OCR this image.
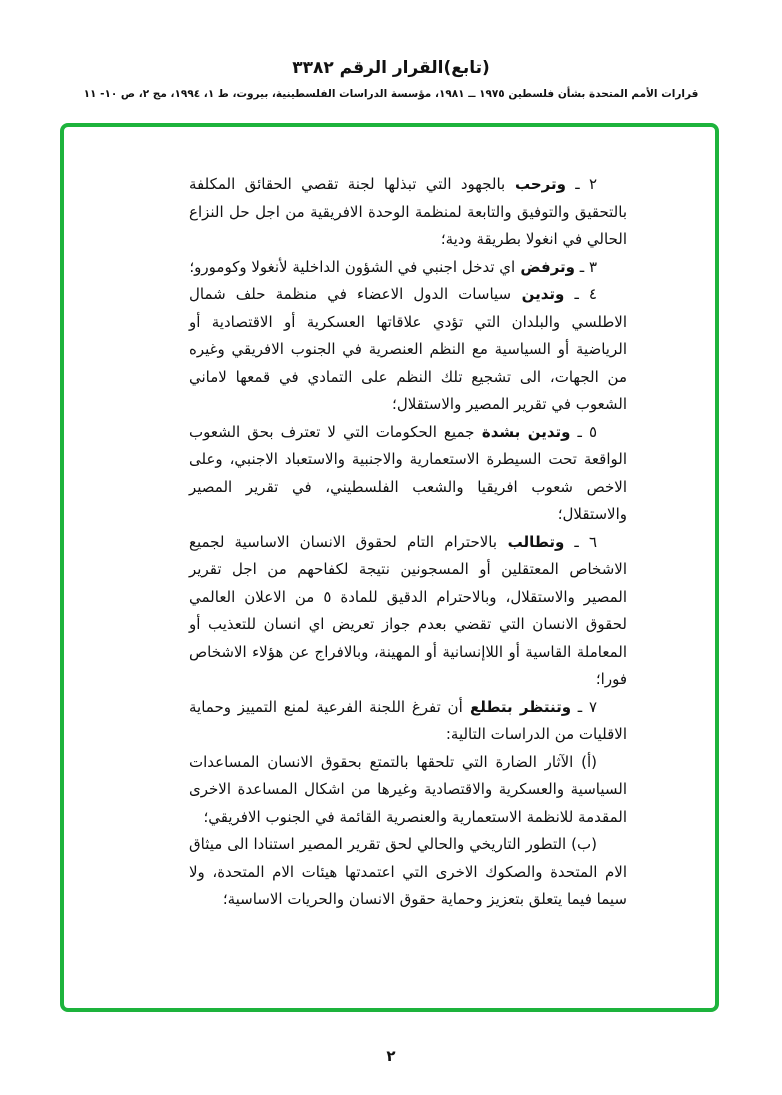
(تابع)القرار الرقم ٣٣٨٢
قرارات الأمم المتحدة بشأن فلسطين ١٩٧٥ ــ ١٩٨١، مؤسسة الدراسات الفلسطينية، بيروت، ط ١، ١٩٩٤، مج ٢، ص ١٠- ١١

٢ ـ وترحب بالجهود التي تبذلها لجنة تقصي الحقائق المكلفة بالتحقيق والتوفيق والتابعة لمنظمة الوحدة الافريقية من اجل حل النزاع الحالي في انغولا بطريقة ودية؛

٣ ـ وترفض اي تدخل اجنبي في الشؤون الداخلية لأنغولا وكومورو؛

٤ ـ وتدين سياسات الدول الاعضاء في منظمة حلف شمال الاطلسي والبلدان التي تؤدي علاقاتها العسكرية أو الاقتصادية أو الرياضية أو السياسية مع النظم العنصرية في الجنوب الافريقي وغيره من الجهات، الى تشجيع تلك النظم على التمادي في قمعها لاماني الشعوب في تقرير المصير والاستقلال؛

٥ ـ وتدين بشدة جميع الحكومات التي لا تعترف بحق الشعوب الواقعة تحت السيطرة الاستعمارية والاجنبية والاستعباد الاجنبي، وعلى الاخص شعوب افريقيا والشعب الفلسطيني، في تقرير المصير والاستقلال؛

٦ ـ وتطالب بالاحترام التام لحقوق الانسان الاساسية لجميع الاشخاص المعتقلين أو المسجونين نتيجة لكفاحهم من اجل تقرير المصير والاستقلال، وبالاحترام الدقيق للمادة ٥ من الاعلان العالمي لحقوق الانسان التي تقضي بعدم جواز تعريض اي انسان للتعذيب أو المعاملة القاسية أو اللاإنسانية أو المهينة، وبالافراج عن هؤلاء الاشخاص فورا؛

٧ ـ وتنتظر بتطلع أن تفرغ اللجنة الفرعية لمنع التمييز وحماية الاقليات من الدراسات التالية:

(أ) الآثار الضارة التي تلحقها بالتمتع بحقوق الانسان المساعدات السياسية والعسكرية والاقتصادية وغيرها من اشكال المساعدة الاخرى المقدمة للانظمة الاستعمارية والعنصرية القائمة في الجنوب الافريقي؛

(ب) التطور التاريخي والحالي لحق تقرير المصير استنادا الى ميثاق الام المتحدة والصكوك الاخرى التي اعتمدتها هيئات الام المتحدة، ولا سيما فيما يتعلق بتعزيز وحماية حقوق الانسان والحريات الاساسية؛

٢
